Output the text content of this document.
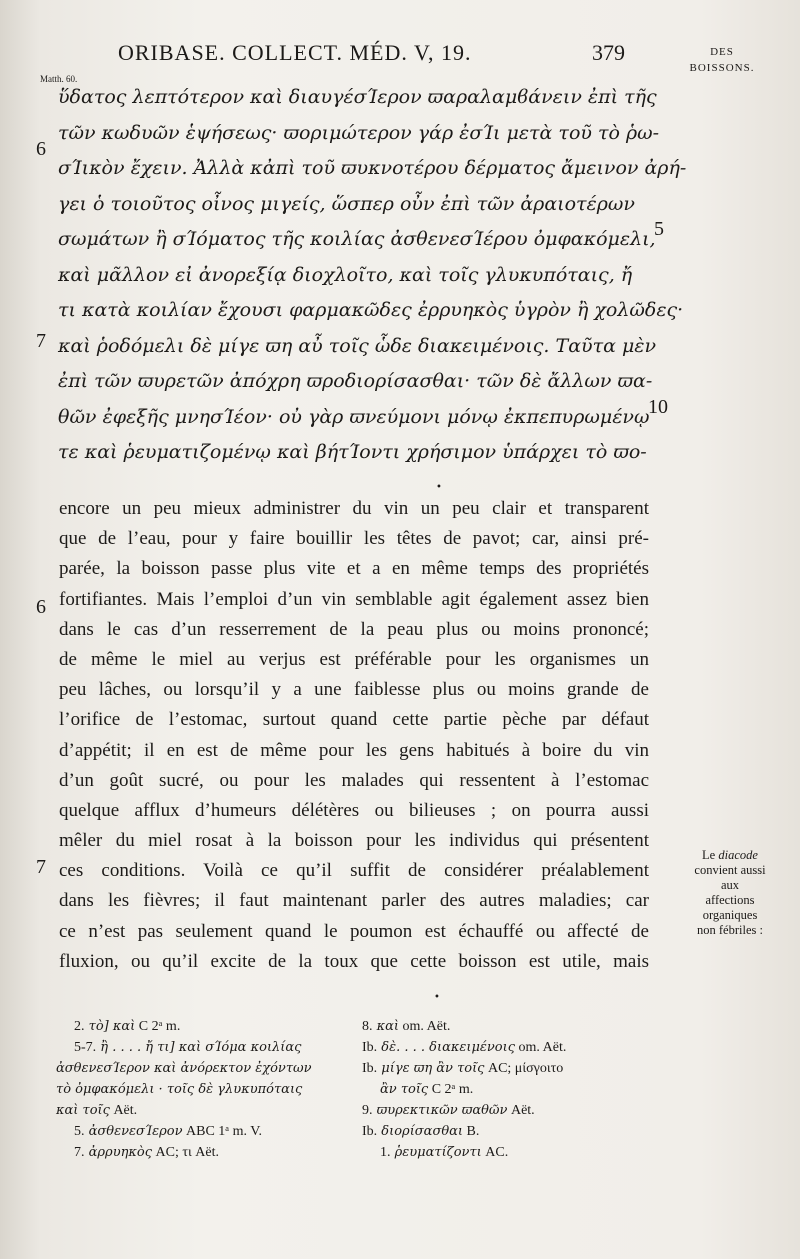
ORIBASE. COLLECT. MÉD. V, 19.	379	DES
BOISSONS.
Matth. 60.
ὕδατος λεπτότερον καὶ διαυγέσΊερον ϖαραλαμϐάνειν ἐπὶ τῆς
τῶν κωδυῶν ἑψήσεως· ϖοριμώτερον γάρ ἐσΊι μετὰ τοῦ τὸ ῥω-
σΊικὸν ἔχειν. Ἀλλὰ κἀπὶ τοῦ ϖυκνοτέρου δέρματος ἄμεινον ἀρή-
γει ὁ τοιοῦτος οἶνος μιγείς, ὥσπερ οὖν ἐπὶ τῶν ἀραιοτέρων
σωμάτων ἢ σΊόματος τῆς κοιλίας ἀσθενεσΊέρου ὀμφακόμελι,
καὶ μᾶλλον εἰ ἀνορεξίᾳ διοχλοῖτο, καὶ τοῖς γλυκυπόταις, ἤ
τι κατὰ κοιλίαν ἔχουσι φαρμακῶδες ἐρρυηκὸς ὑγρὸν ἢ χολῶδες·
καὶ ῥοδόμελι δὲ μίγε ϖη αὖ τοῖς ὧδε διακειμένοις. Ταῦτα μὲν
ἐπὶ τῶν ϖυρετῶν ἀπόχρη ϖροδιορίσασθαι· τῶν δὲ ἄλλων ϖα-
θῶν ἐφεξῆς μνησΊέον· οὐ γὰρ ϖνεύμονι μόνῳ ἐκπεπυρωμένῳ
τε καὶ ῥευματιζομένῳ καὶ βήτΊοντι χρήσιμον ὑπάρχει τὸ ϖο-
6
7
5
10
•
encore un peu mieux administrer du vin un peu clair et transparent
que de l’eau, pour y faire bouillir les têtes de pavot; car, ainsi pré-
parée, la boisson passe plus vite et a en même temps des propriétés
fortifiantes. Mais l’emploi d’un vin semblable agit également assez bien
dans le cas d’un resserrement de la peau plus ou moins prononcé;
de même le miel au verjus est préférable pour les organismes un
peu lâches, ou lorsqu’il y a une faiblesse plus ou moins grande de
l’orifice de l’estomac, surtout quand cette partie pèche par défaut
d’appétit; il en est de même pour les gens habitués à boire du vin
d’un goût sucré, ou pour les malades qui ressentent à l’estomac
quelque afflux d’humeurs délétères ou bilieuses ; on pourra aussi
mêler du miel rosat à la boisson pour les individus qui présentent
ces conditions. Voilà ce qu’il suffit de considérer préalablement
dans les fièvres; il faut maintenant parler des autres maladies; car
ce n’est pas seulement quand le poumon est échauffé ou affecté de
fluxion, ou qu’il excite de la toux que cette boisson est utile, mais
6
7
Le diacode
convient aussi
aux
affections
organiques
non fébriles :
•
2. τὸ] καὶ C 2ᵃ m.
5-7. ἢ . . . . ἤ τι] καὶ σΊόμα κοιλίας
ἀσθενεσΊερον καὶ ἀνόρεκτον ἐχόντων
τὸ ὀμφακόμελι · τοῖς δὲ γλυκυπόταις
καὶ τοῖς Aët.
5. ἀσθενεσΊερον ABC 1ᵃ m. V.
7. ἀρρυηκὸς AC; τι Aët.
8. καὶ om. Aët.
Ib. δὲ. . . . διακειμένοις om. Aët.
Ib. μίγε ϖη ἂν τοῖς AC; μίσγοιτο
ἂν τοῖς C 2ᵃ m.
9. ϖυρεκτικῶν ϖαθῶν Aët.
Ib. διορίσασθαι B.
1. ῥευματίζοντι AC.
